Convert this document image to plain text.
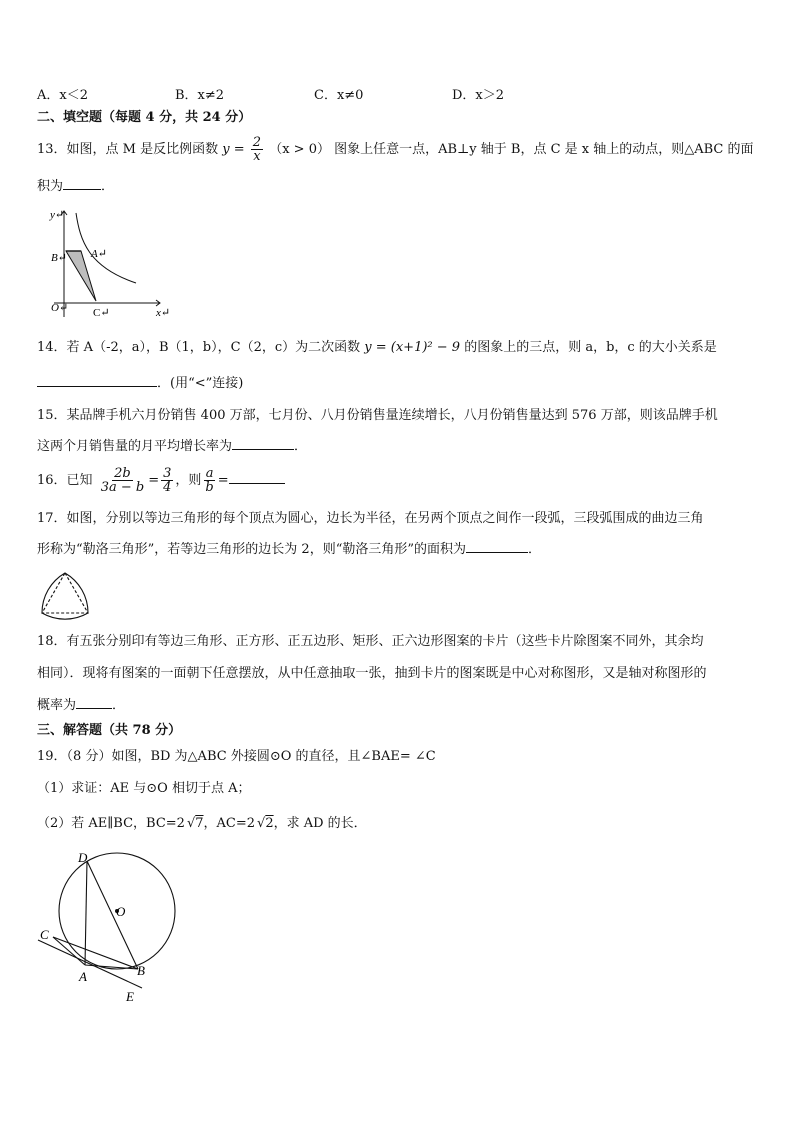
A．x＜2	B．x≠2	C．x≠0	D．x＞2
二、填空题（每题 4 分，共 24 分）
13．如图，点 M 是反比例函数 $y = \frac{2}{x} (x > 0)$ 图象上任意一点，AB⊥y 轴于 B，点 C 是 x 轴上的动点，则△ABC 的面
积为	．
y↵
x↵
O↵
B↵ A↵
C↵
14．若 A（-2，a），B（1，b），C（2，c）为二次函数 y = (x+1)² − 9 的图象上的三点，则 a，b，c 的大小关系是
．(用“<”连接)
15．某品牌手机六月份销售 400 万部，七月份、八月份销售量连续增长，八月份销售量达到 576 万部，则该品牌手机
这两个月销售量的月平均增长率为	．
16．已知 $\frac{2b}{3a - b} = \frac{3}{4}$ ，则 $\frac{a}{b}$ =
17．如图，分别以等边三角形的每个顶点为圆心，边长为半径，在另两个顶点之间作一段弧，三段弧围成的曲边三角
形称为“勒洛三角形”，若等边三角形的边长为 2，则“勒洛三角形”的面积为	．
18．有五张分别印有等边三角形、正方形、正五边形、矩形、正六边形图案的卡片（这些卡片除图案不同外，其余均
相同）．现将有图案的一面朝下任意摆放，从中任意抽取一张，抽到卡片的图案既是中心对称图形，又是轴对称图形的
概率为	．
三、解答题（共 78 分）
19．（8 分）如图，BD 为△ABC 外接圆⊙O 的直径，且∠BAE= ∠C
（1）求证：AE 与⊙O 相切于点 A；
（2）若 AE∥BC，BC=2 √7，AC=2 √2，求 AD 的长．
D
O
C
A	B
E
